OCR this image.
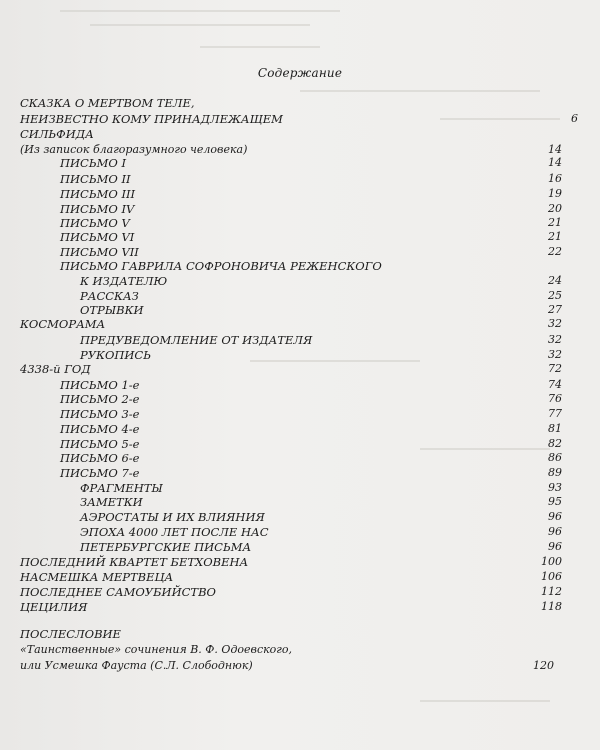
Содержание
СКАЗКА О МЕРТВОМ ТЕЛЕ,
НЕИЗВЕСТНО КОМУ ПРИНАДЛЕЖАЩЕМ
СИЛЬФИДА
(Из записок благоразумного человека)
ПИСЬМО I
ПИСЬМО II
ПИСЬМО III
ПИСЬМО IV
ПИСЬМО V
ПИСЬМО VI
ПИСЬМО VII
ПИСЬМО ГАВРИЛА СОФРОНОВИЧА РЕЖЕНСКОГО
К ИЗДАТЕЛЮ
РАССКАЗ
ОТРЫВКИ
КОСМОРАМА
ПРЕДУВЕДОМЛЕНИЕ ОТ ИЗДАТЕЛЯ
РУКОПИСЬ
4338-й ГОД
ПИСЬМО 1-е
ПИСЬМО 2-е
ПИСЬМО 3-е
ПИСЬМО 4-е
ПИСЬМО 5-е
ПИСЬМО 6-е
ПИСЬМО 7-е
ФРАГМЕНТЫ
ЗАМЕТКИ
АЭРОСТАТЫ И ИХ ВЛИЯНИЯ
ЭПОХА 4000 ЛЕТ ПОСЛЕ НАС
ПЕТЕРБУРГСКИЕ ПИСЬМА
ПОСЛЕДНИЙ КВАРТЕТ БЕТХОВЕНА
НАСМЕШКА МЕРТВЕЦА
ПОСЛЕДНЕЕ САМОУБИЙСТВО
ЦЕЦИЛИЯ
ПОСЛЕСЛОВИЕ
«Таинственные» сочинения В. Ф. Одоевского,
или Усмешка Фауста (С.Л. Слободнюк)
6
14
14
16
19
20
21
21
22
24
25
27
32
32
32
72
74
76
77
81
82
86
89
93
95
96
96
96
100
106
112
118
120
